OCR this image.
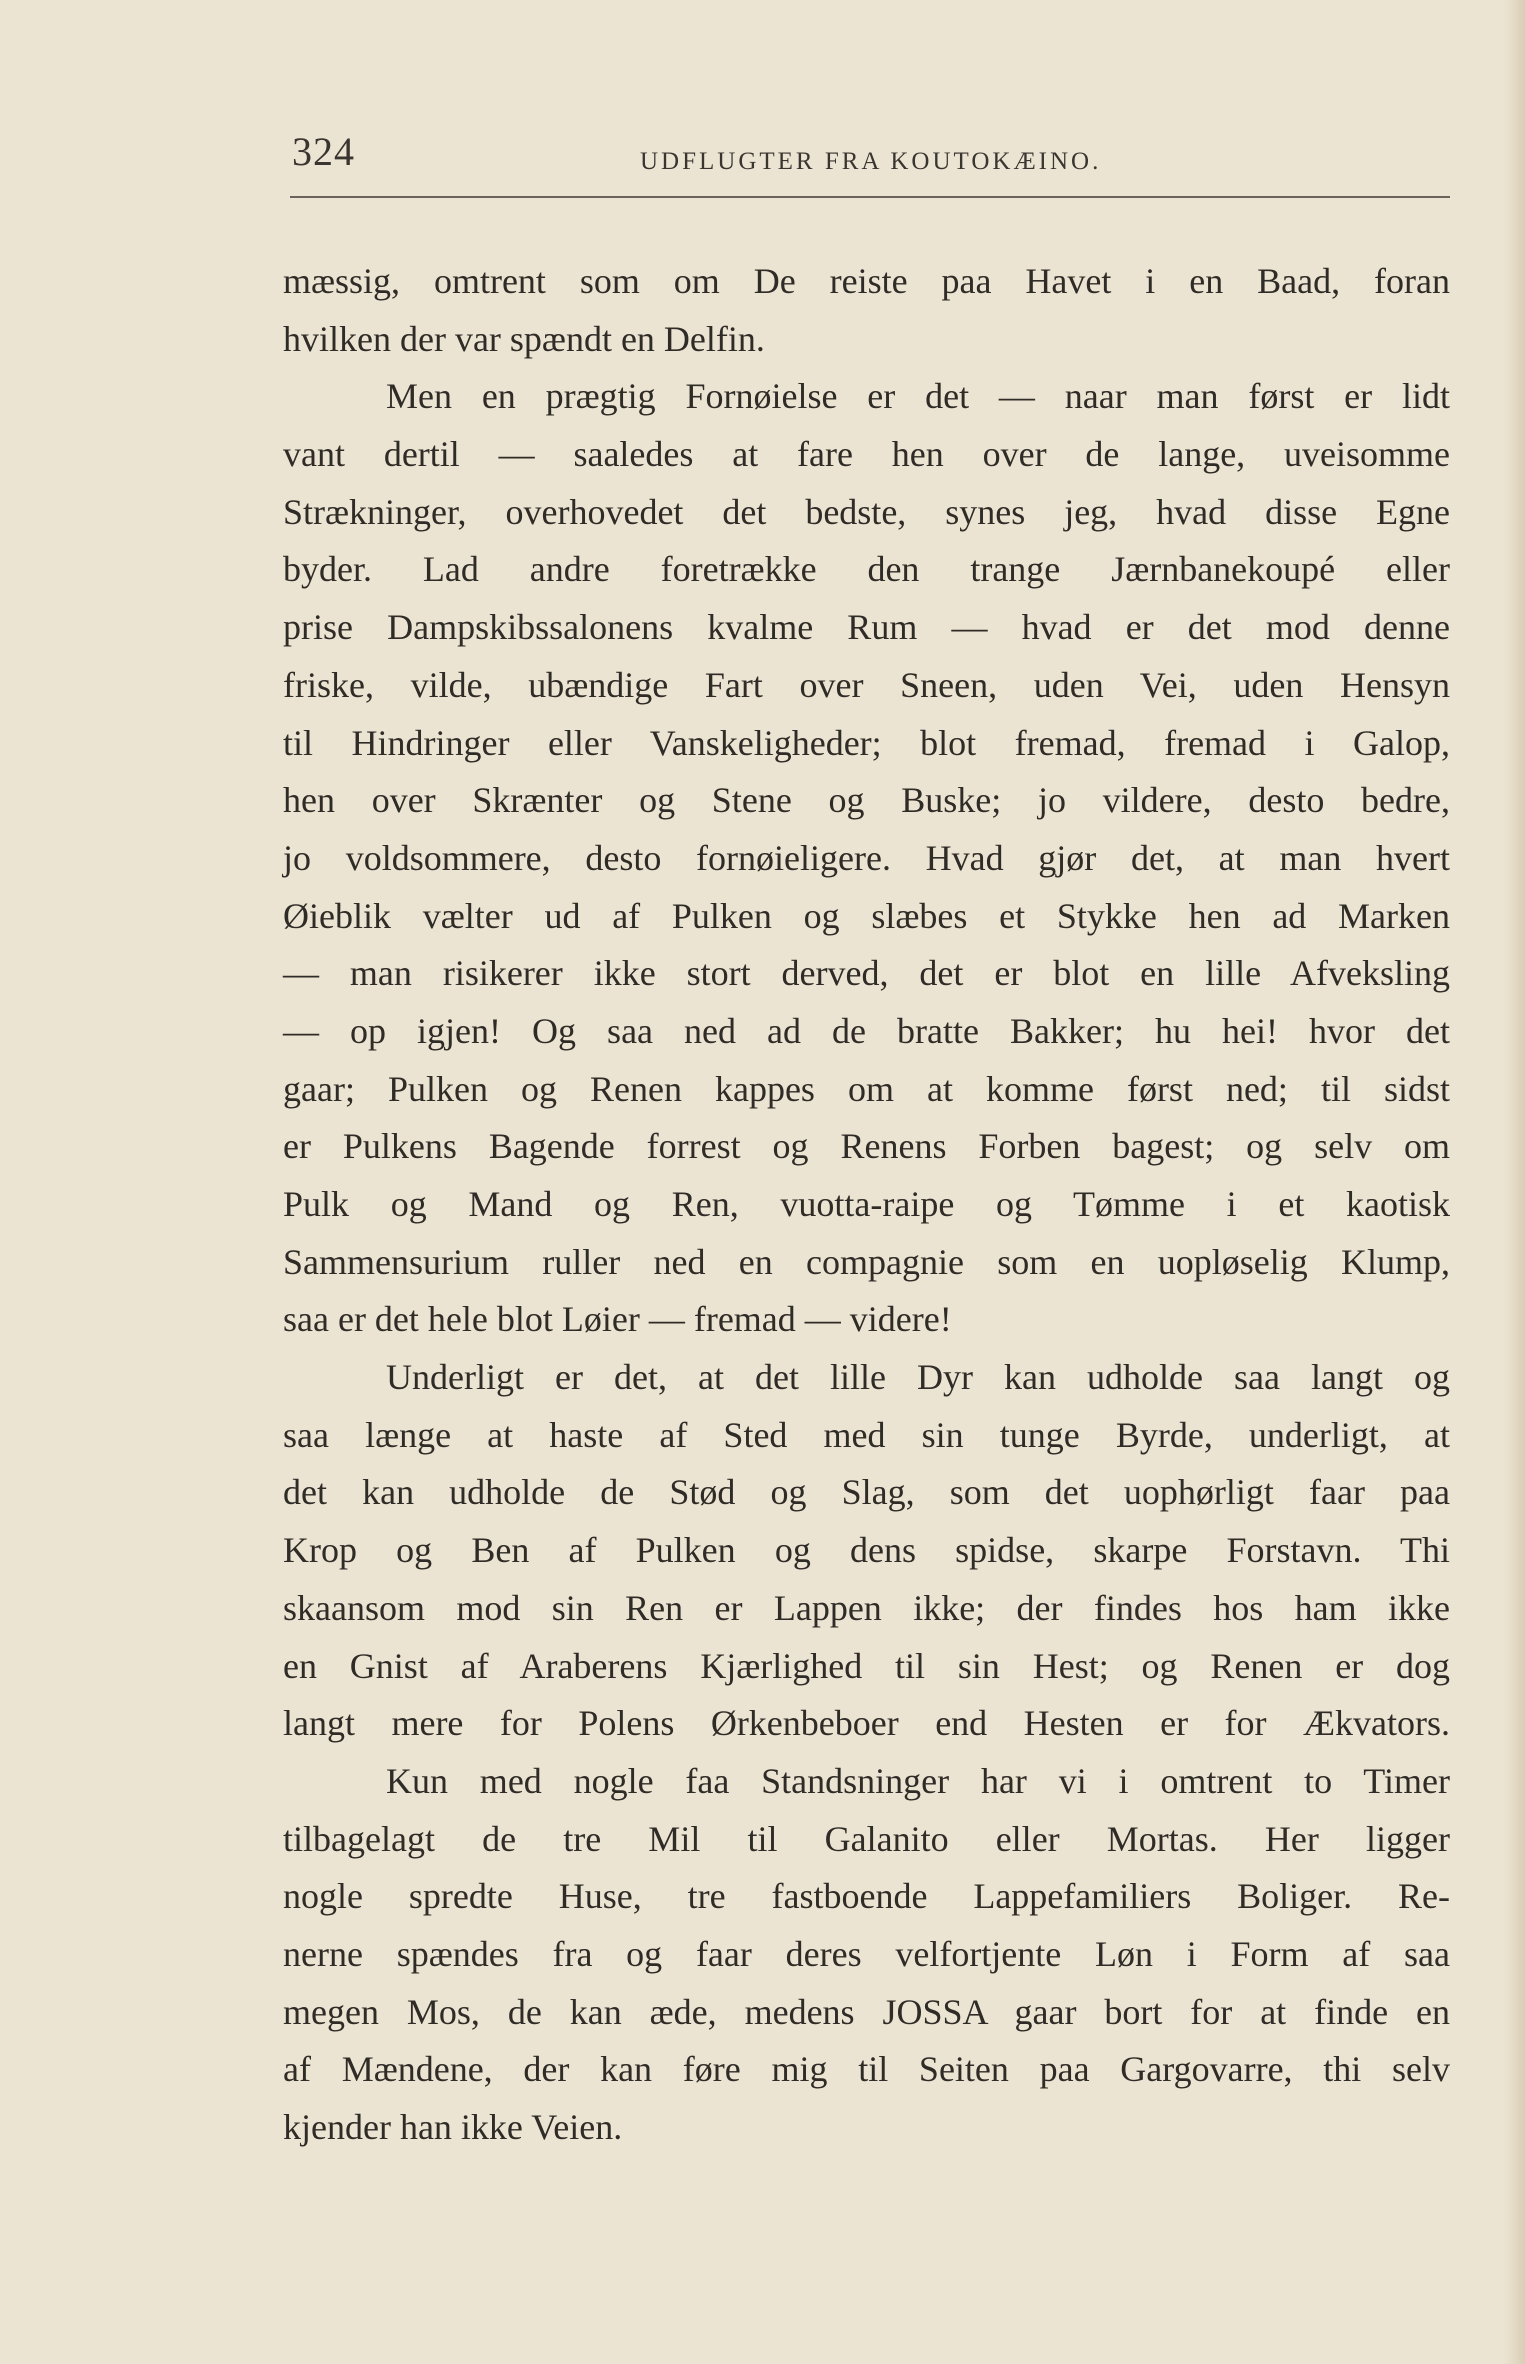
324	UDFLUGTER FRA KOUTOKÆINO.
mæssig, omtrent som om De reiste paa Havet i en Baad, foran
hvilken der var spændt en Delfin.
Men en prægtig Fornøielse er det — naar man først er lidt
vant dertil — saaledes at fare hen over de lange, uveisomme
Strækninger, overhovedet det bedste, synes jeg, hvad disse Egne
byder. Lad andre foretrække den trange Jærnbanekoupé eller
prise Dampskibssalonens kvalme Rum — hvad er det mod denne
friske, vilde, ubændige Fart over Sneen, uden Vei, uden Hensyn
til Hindringer eller Vanskeligheder; blot fremad, fremad i Galop,
hen over Skrænter og Stene og Buske; jo vildere, desto bedre,
jo voldsommere, desto fornøieligere. Hvad gjør det, at man hvert
Øieblik vælter ud af Pulken og slæbes et Stykke hen ad Marken
— man risikerer ikke stort derved, det er blot en lille Afveksling
— op igjen! Og saa ned ad de bratte Bakker; hu hei! hvor det
gaar; Pulken og Renen kappes om at komme først ned; til sidst
er Pulkens Bagende forrest og Renens Forben bagest; og selv om
Pulk og Mand og Ren, vuotta-raipe og Tømme i et kaotisk
Sammensurium ruller ned en compagnie som en uopløselig Klump,
saa er det hele blot Løier — fremad — videre!
Underligt er det, at det lille Dyr kan udholde saa langt og
saa længe at haste af Sted med sin tunge Byrde, underligt, at
det kan udholde de Stød og Slag, som det uophørligt faar paa
Krop og Ben af Pulken og dens spidse, skarpe Forstavn. Thi
skaansom mod sin Ren er Lappen ikke; der findes hos ham ikke
en Gnist af Araberens Kjærlighed til sin Hest; og Renen er dog
langt mere for Polens Ørkenbeboer end Hesten er for Ækvators.
Kun med nogle faa Standsninger har vi i omtrent to Timer
tilbagelagt de tre Mil til Galanito eller Mortas. Her ligger
nogle spredte Huse, tre fastboende Lappefamiliers Boliger. Re-
nerne spændes fra og faar deres velfortjente Løn i Form af saa
megen Mos, de kan æde, medens JOSSA gaar bort for at finde en
af Mændene, der kan føre mig til Seiten paa Gargovarre, thi selv
kjender han ikke Veien.
